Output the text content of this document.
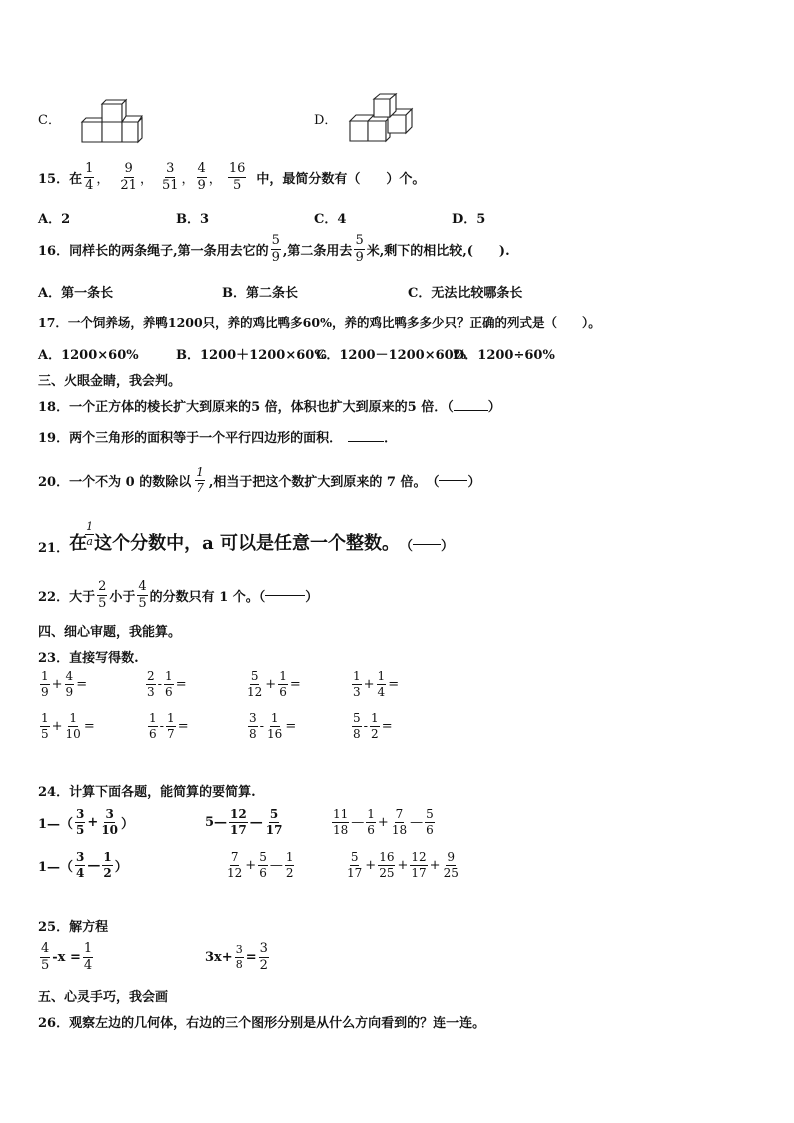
C．	D．
15．在 $\frac{1}{4}$ ， $\frac{9}{21}$ ， $\frac{3}{51}$ ， $\frac{4}{9}$ ， $\frac{16}{5}$ 中，最简分数有（　　）个。
A．2	B．3	C．4	D．5
16．同样长的两条绳子,第一条用去它的 $\frac{5}{9}$ ,第二条用去 $\frac{5}{9}$ 米,剩下的相比较,(　　).
A．第一条长	B．第二条长	C．无法比较哪条长
17．一个饲养场，养鸭1200只，养的鸡比鸭多60%，养的鸡比鸭多多少只？正确的列式是（　　）。
A．1200×60%	B．1200＋1200×60%
C．1200－1200×60%
D．1200÷60%
三、火眼金睛，我会判。
18．一个正方体的棱长扩大到原来的5 倍，体积也扩大到原来的5 倍．（	）
19．两个三角形的面积等于一个平行四边形的面积．	．
20．一个不为 0 的数除以 $\frac{1}{7}$ ,相当于把这个数扩大到原来的 7 倍。　（ ）
21． 在
$\frac{1}{a}$ 这个分数中，a 可以是任意一个整数。 （ ）
22．大于 $\frac{2}{5}$ 小于 $\frac{4}{5}$ 的分数只有 1 个。（	）
四、细心审题，我能算。
23．直接写得数.
$\frac{1}{9} + \frac{4}{9}$ =	$\frac{2}{3} - \frac{1}{6}$ =	$\frac{5}{12} + \frac{1}{6}$ =	$\frac{1}{3} + \frac{1}{4}$ =
$\frac{1}{5} + \frac{1}{10}$ =	$\frac{1}{6} - \frac{1}{7}$ =	$\frac{3}{8} - \frac{1}{16}$ =	$\frac{5}{8} - \frac{1}{2}$ =
24．计算下面各题，能简算的要简算.
1—（ $\frac{3}{5} + \frac{3}{10}$ ）	5— $\frac{12}{17}$ — $\frac{5}{17}$	$\frac{11}{18}$ — $\frac{1}{6} + \frac{7}{18}$ — $\frac{5}{6}$
1—（ $\frac{3}{4}$ — $\frac{1}{2}$ ）	$\frac{7}{12} + \frac{5}{6}$ — $\frac{1}{2}$	$\frac{5}{17} + \frac{16}{25} + \frac{12}{17} + \frac{9}{25}$
25．解方程
$\frac{4}{5} -x = \frac{1}{4}$	$3x+ \frac{3}{8} = \frac{3}{2}$
五、心灵手巧，我会画
26．观察左边的几何体，右边的三个图形分别是从什么方向看到的？连一连。
